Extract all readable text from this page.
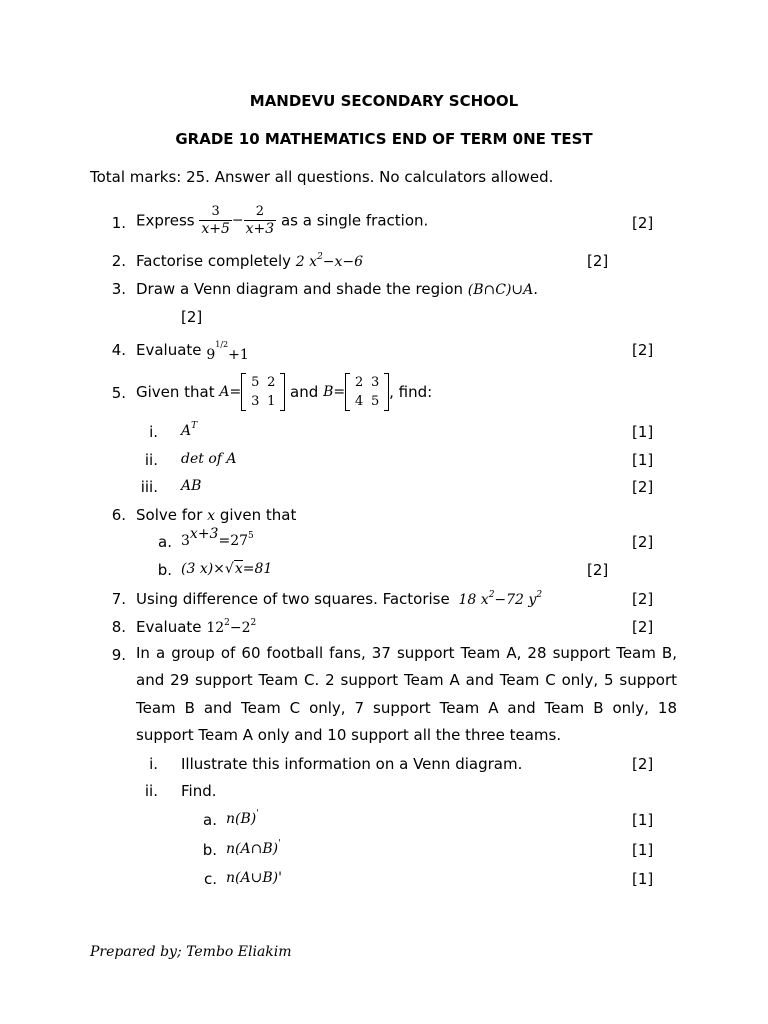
MANDEVU SECONDARY SCHOOL
GRADE 10 MATHEMATICS END OF TERM 0NE TEST
Total marks: 25. Answer all questions. No calculators allowed.
1. Express $\frac{3}{x+5} - \frac{2}{x+3}$ as a single fraction.	[2]
2. Factorise completely 2 $x^2-x-6$	[2]
3. Draw a Venn diagram and shade the region (B∩C)∪A.
[2]
4. Evaluate $9^{1/2}+1$	[2]
5. Given that A=5 2
3 1 and B=2 3
4 5, find:
i. $A^T$	[1]
ii. det of A	[1]
iii. AB	[2]
6. Solve for x given that
a. $3^{x+3}=27^5$	[2]
b. (3 x)×√x=81	[2]
7. Using difference of two squares. Factorise 18 $x^2-72$ $y^2$	[2]
8. Evaluate $12^2-2^2$	[2]
9. In a group of 60 football fans, 37 support Team A, 28 support Team B, and 29 support Team C. 2 support Team A and Team C only, 5 support Team B and Team C only, 7 support Team A and Team B only, 18 support Team A only and 10 support all the three teams.
i. Illustrate this information on a Venn diagram.	[2]
ii. Find.
a. n(B)'	[1]
b. n(A∩B)'	[1]
c. n(A∪B)'	[1]
Prepared by; Tembo Eliakim
